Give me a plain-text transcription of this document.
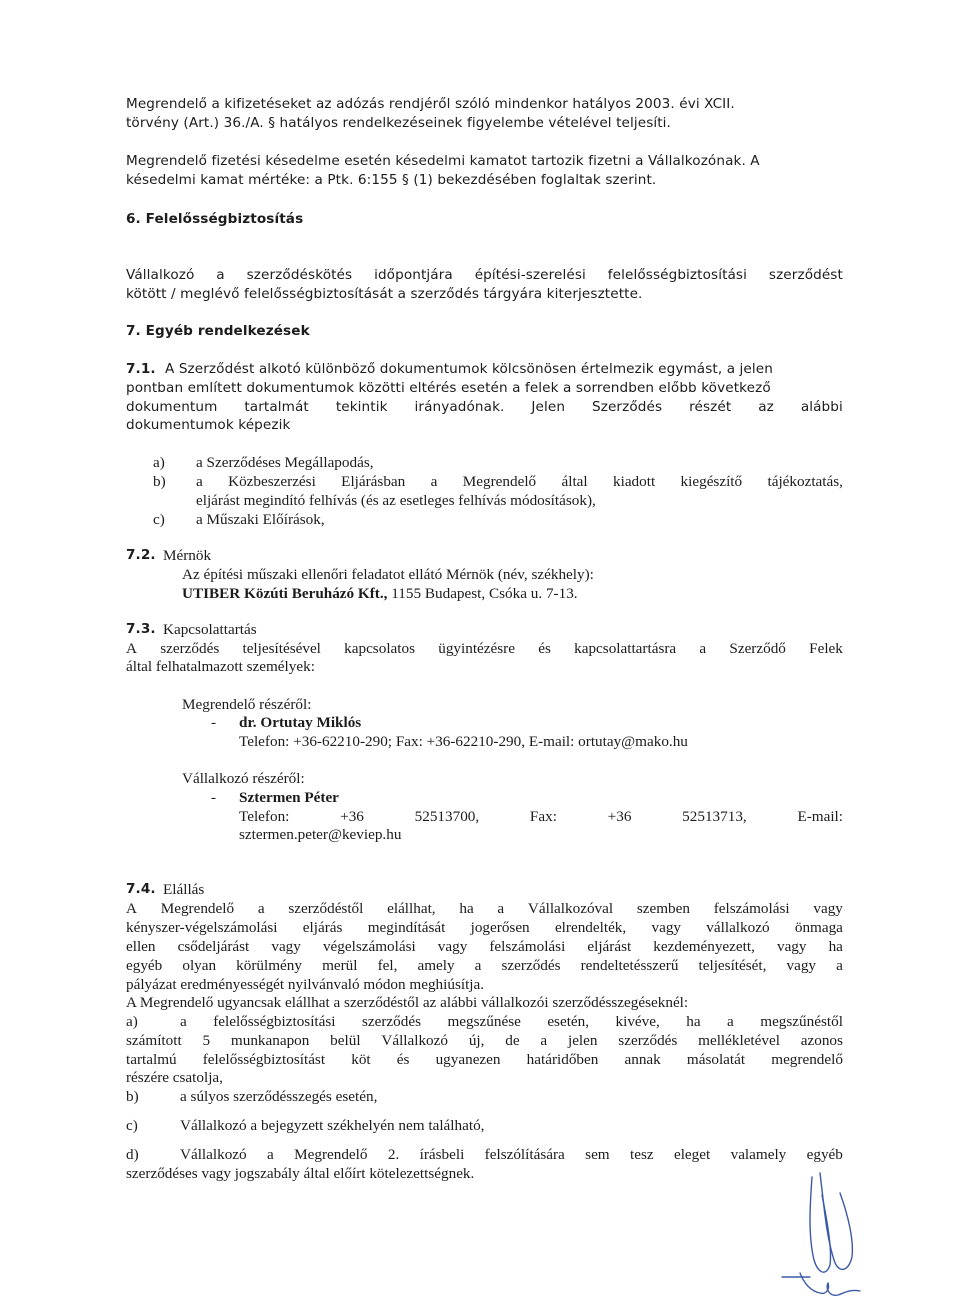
Megrendelő a kifizetéseket az adózás rendjéről szóló mindenkor hatályos 2003. évi XCII.
törvény (Art.) 36./A. § hatályos rendelkezéseinek figyelembe vételével teljesíti.
Megrendelő fizetési késedelme esetén késedelmi kamatot tartozik fizetni a Vállalkozónak. A
késedelmi kamat mértéke: a Ptk. 6:155 § (1) bekezdésében foglaltak szerint.
6. Felelősségbiztosítás
Vállalkozó a szerződéskötés időpontjára építési-szerelési felelősségbiztosítási szerződést
kötött / meglévő felelősségbiztosítását a szerződés tárgyára kiterjesztette.
7. Egyéb rendelkezések
7.1. A Szerződést alkotó különböző dokumentumok kölcsönösen értelmezik egymást, a jelen
pontban említett dokumentumok közötti eltérés esetén a felek a sorrendben előbb következő
dokumentum tartalmát tekintik irányadónak. Jelen Szerződés részét az alábbi
dokumentumok képezik
a) a Szerződéses Megállapodás,
b) a Közbeszerzési Eljárásban a Megrendelő által kiadott kiegészítő tájékoztatás,
eljárást megindító felhívás (és az esetleges felhívás módosítások),
c) a Műszaki Előírások,
7.2. Mérnök
Az építési műszaki ellenőri feladatot ellátó Mérnök (név, székhely):
UTIBER Közúti Beruházó Kft., 1155 Budapest, Csóka u. 7-13.
7.3. Kapcsolattartás
A szerződés teljesítésével kapcsolatos ügyintézésre és kapcsolattartásra a Szerződő Felek
által felhatalmazott személyek:
Megrendelő részéről:
- dr. Ortutay Miklós
Telefon: +36-62210-290; Fax: +36-62210-290, E-mail: ortutay@mako.hu
Vállalkozó részéről:
- Sztermen Péter
Telefon:	+36	52513700,	Fax:	+36	52513713,	E-mail:
sztermen.peter@keviep.hu
7.4. Elállás
A Megrendelő a szerződéstől elállhat, ha a Vállalkozóval szemben felszámolási vagy
kényszer-végelszámolási eljárás megindítását jogerősen elrendelték, vagy vállalkozó önmaga
ellen csődeljárást vagy végelszámolási vagy felszámolási eljárást kezdeményezett, vagy ha
egyéb olyan körülmény merül fel, amely a szerződés rendeltetésszerű teljesítését, vagy a
pályázat eredményességét nyilvánvaló módon meghiúsítja.
A Megrendelő ugyancsak elállhat a szerződéstől az alábbi vállalkozói szerződésszegéseknél:
a)	a felelősségbiztosítási szerződés megszűnése esetén, kivéve, ha a megszűnéstől
számított 5 munkanapon belül Vállalkozó új, de a jelen szerződés mellékletével azonos
tartalmú felelősségbiztosítást köt és ugyanezen határidőben annak másolatát megrendelő
részére csatolja,
b)	a súlyos szerződésszegés esetén,
c)	Vállalkozó a bejegyzett székhelyén nem található,
d)	Vállalkozó a Megrendelő 2. írásbeli felszólítására sem tesz eleget valamely egyéb
szerződéses vagy jogszabály által előírt kötelezettségnek.
